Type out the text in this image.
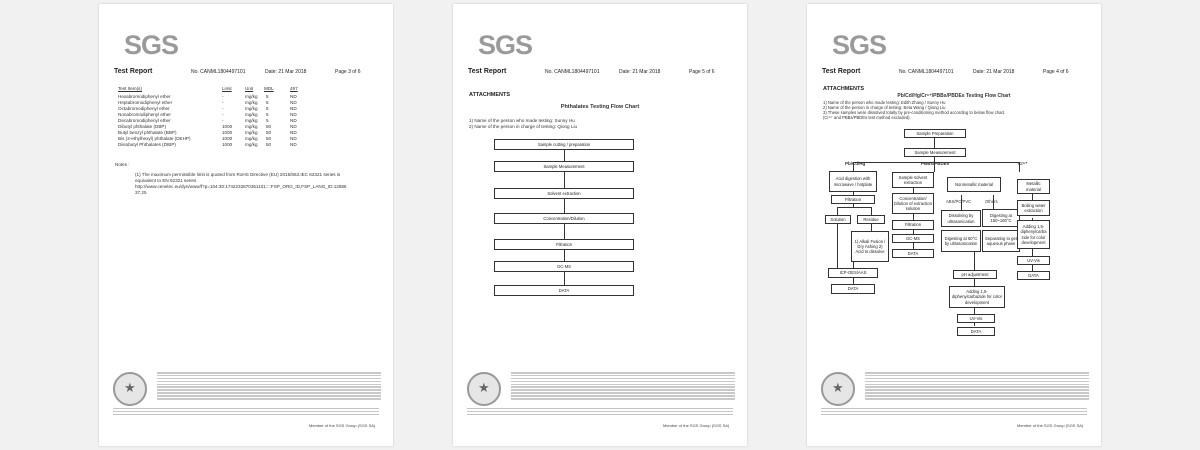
SGS
Test Report	No. CANML1804497101	Date: 21 Mar 2018	Page 3 of 6
Test Item(s)	Limit	Unit MDL	497
Hexabromodiphenyl ether	-	mg/kg 5	ND
Heptabromodiphenyl ether	-	mg/kg 5	ND
Octabromodiphenyl ether	-	mg/kg 5	ND
Nonabromodiphenyl ether	-	mg/kg 5	ND
Decabromodiphenyl ether	-	mg/kg 5	ND
Dibutyl phthalate (DBP)	1000	mg/kg 50	ND
Butyl benzyl phthalate (BBP)	1000	mg/kg 50	ND
Bis (2-ethylhexyl) phthalate (DEHP)	1000	mg/kg 50	ND
Diisobutyl Phthalates (DIBP)	1000	mg/kg 50	ND
Notes :
(1) The maximum permissible limit is quoted from RoHS Directive (EU) 2015/863.IEC 62321 series is
equivalent to EN 62321 series
http://www.cenelec.eu/dyn/www/f?p=104:30:1742232870351101::::FSP_ORG_ID,FSP_LANG_ID:12586
37,25
★
Member of the SGS Group (SGS SA)
SGS
Test Report	No. CANML1804497101	Date: 21 Mar 2018	Page 5 of 6
ATTACHMENTS
Phthalates Testing Flow Chart
1) Name of the person who made testing: Sunny Hu
2) Name of the person in charge of testing: Qiong Liu
Sample cutting / preparation
Sample Measurement
Solvent extraction
Concentration/Dilution
Filtration
GC-MS
DATA
★
Member of the SGS Group (SGS SA)
SGS
Test Report	No. CANML1804497101	Date: 21 Mar 2018	Page 4 of 6
ATTACHMENTS
Pb/Cd/Hg/Cr⁶⁺/PBBs/PBDEs Testing Flow Chart
1) Name of the person who made testing: Edith Zhang / Sunny Hu
2) Name of the person in charge of testing: Beta Wang / Qiong Liu
3) These samples were dissolved totally by pre-conditioning method according to below flow chart.
(Cr⁶⁺ and PBBs/PBDEs test method excluded).
Sample Preparation
Sample Measurement
Pb/Cd/Hg	PBBs/PBDEs	Cr⁶⁺
Acid digestion with microwave / hotplate
Filtration
Solution	Residue
1) Alkali Fusion / Dry Ashing 2) Acid to dissolve
ICP-OES/AAS
DATA
Sample solvent extraction
Concentration/ Dilution of extraction solution
Filtration
GC-MS
DATA
Nonmetallic material
ABS/PC/PVC	Others
Dissolving by ultrasonication
Digesting at 150~160°C
Digesting at 60°C by ultrasonication
Separating to get aqueous phase
pH adjustment
Adding 1,5-diphenylcarbazide for color development
UV-Vis
DATA
Metallic material
Boiling water extraction
Adding 1,5-diphenylcarba zide for color development
UV-Vis
DATA
★
Member of the SGS Group (SGS SA)
